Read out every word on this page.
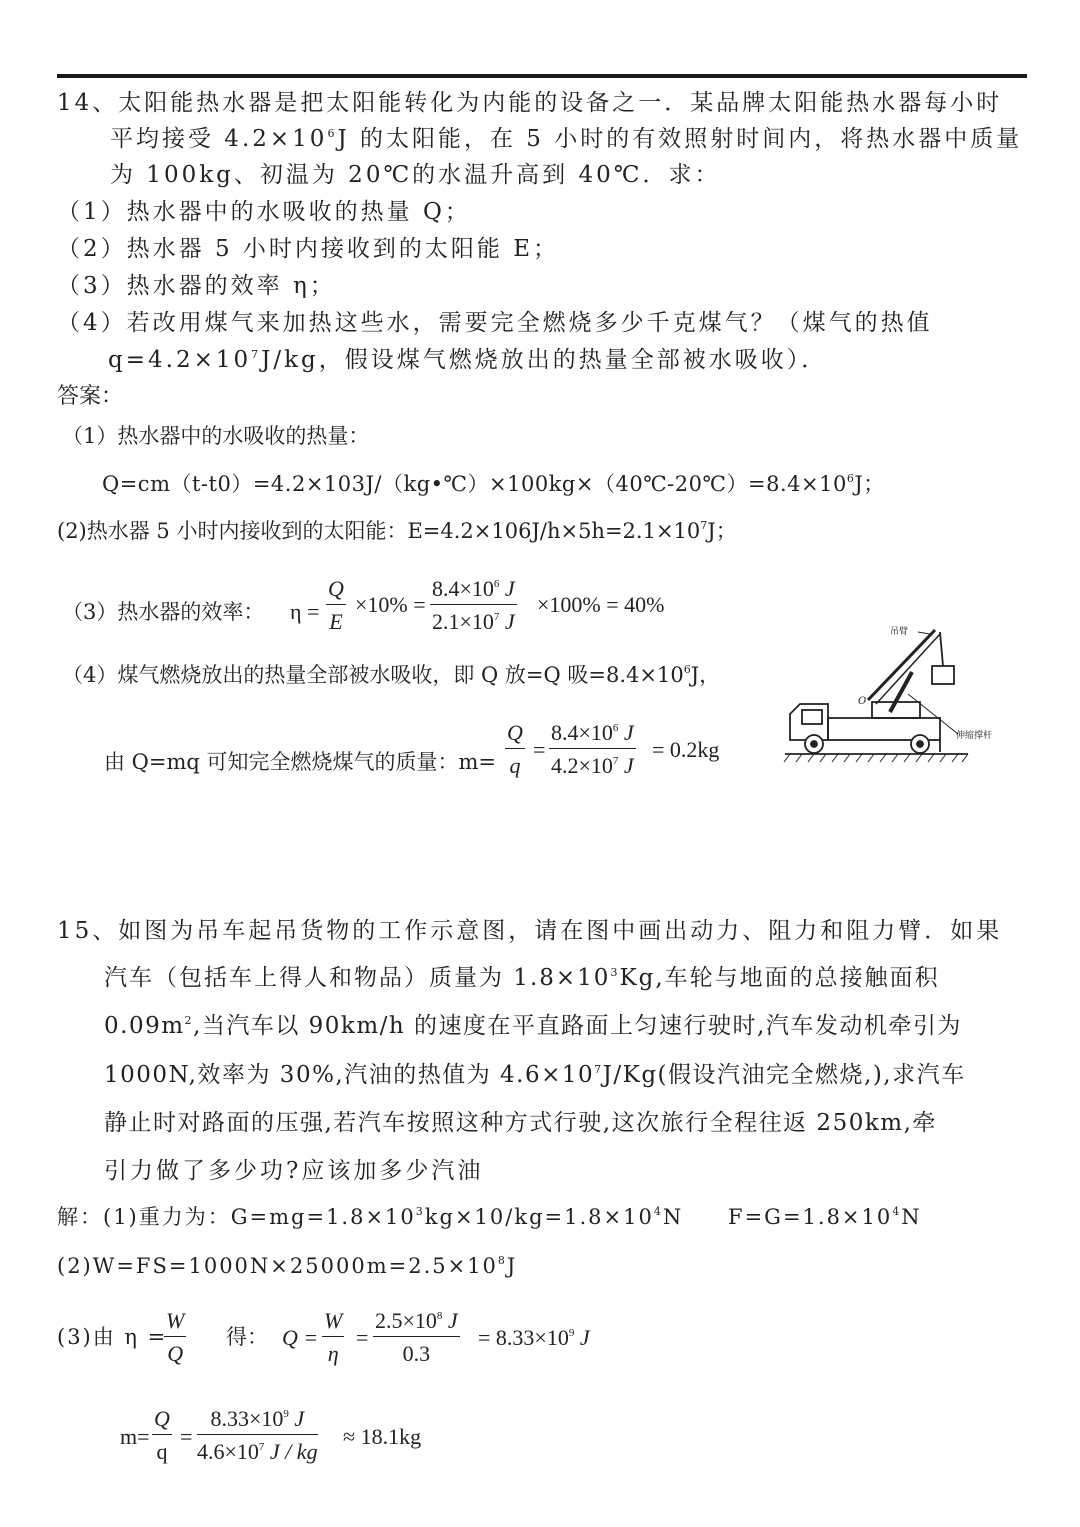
14、太阳能热水器是把太阳能转化为内能的设备之一．某品牌太阳能热水器每小时
平均接受 $4.2\times 10^6J$ 的太阳能，在 5 小时的有效照射时间内，将热水器中质量
为 100kg、初温为 20℃的水温升高到 40℃．求：
（1）热水器中的水吸收的热量 Q；
（2）热水器 5 小时内接收到的太阳能 E；
（3）热水器的效率 η；
（4）若改用煤气来加热这些水，需要完全燃烧多少千克煤气？（煤气的热值
$q=4.2\times 10^7J/kg$，假设煤气燃烧放出的热量全部被水吸收）．
答案：
（1）热水器中的水吸收的热量：
$Q=cm(t-t0)=4.2\times 103J/(kg•℃)\times 100kg\times(40℃-20℃)=8.4\times 10^6J$；
(2)热水器 5 小时内接收到的太阳能：$E=4.2\times 106J/h\times 5h=2.1\times 10^7J$；
（3）热水器的效率： $\eta = \frac{Q}{E} \times 10\% = \frac{8.4\times 10^6 J}{2.1\times 10^7 J} \times 100\% = 40\%$
（4）煤气燃烧放出的热量全部被水吸收，即 Q 放=Q 吸$=8.4\times 10^6J$，
由 Q=mq 可知完全燃烧煤气的质量：$m= \frac{Q}{q} = \frac{8.4\times 10^6 J}{4.2\times 10^7 J} = 0.2kg$
吊臂
伸缩撑杆
O
15、如图为吊车起吊货物的工作示意图，请在图中画出动力、阻力和阻力臂．如果
汽车（包括车上得人和物品）质量为 $1.8\times 10^3Kg$,车轮与地面的总接触面积
$0.09m^2$,当汽车以 90km/h 的速度在平直路面上匀速行驶时,汽车发动机牵引为
1000N,效率为 30%,汽油的热值为 $4.6\times 10^7J/Kg$(假设汽油完全燃烧,),求汽车
静止时对路面的压强,若汽车按照这种方式行驶,这次旅行全程往返 250km,牵
引力做了多少功?应该加多少汽油
解：(1)重力为：$G=mg=1.8\times 10^3kg\times 10/kg=1.8\times 10^4N$ $F=G=1.8\times 10^4N$
$(2)W=FS=1000N\times 25000m=2.5\times 10^8J$
(3)由 η =
$\frac{W}{Q}$ 得： $Q = \frac{W}{\eta} = \frac{2.5\times 10^8 J}{0.3} = 8.33\times 10^9$ J
$m= \frac{Q}{q} = \frac{8.33\times 10^9 J}{4.6\times 10^7 J / kg} \approx 18.1kg$
